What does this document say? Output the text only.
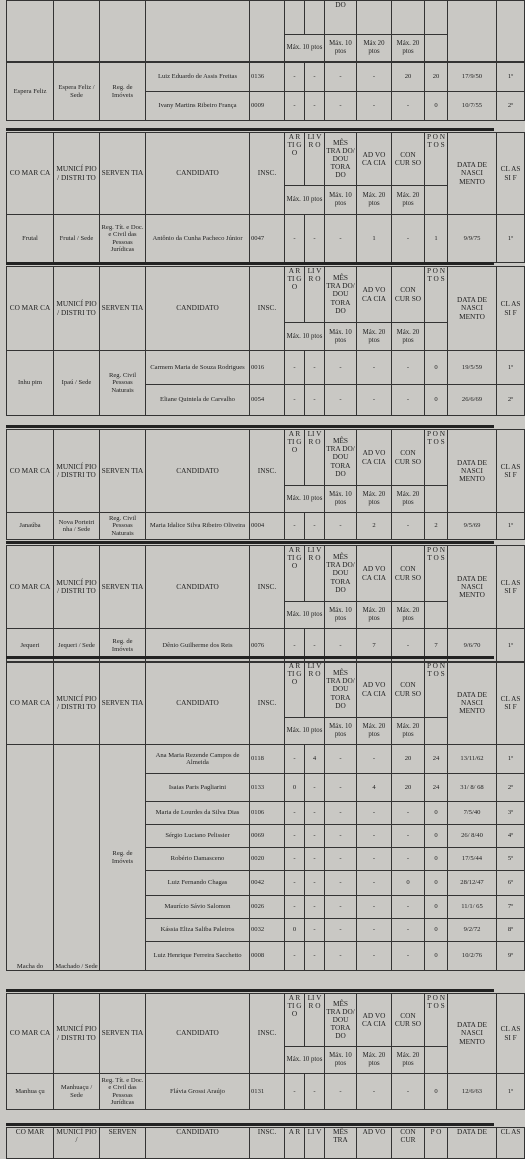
							DO					
					Máx. 10 ptos		Máx. 10 ptos	Máx 20 ptos	Máx. 20 ptos			
Espera Feliz	Espera Feliz / Sede	Reg. de Imóveis	Luiz Eduardo de Assis Freitas	0136	-	-	-	-	20	20	17/9/50	1º
			Ivany Martins Ribeiro França	0009	-	-	-	-	-	0	10/7/55	2º
CO MAR CA	MUNICÍ PIO / DISTRI TO	SERVEN TIA	CANDIDATO	INSC.	A R TI G O	LI V R O	MÊS TRA DO/ DOU TORA DO	AD VO CA CIA	CON CUR SO	P O N T O S	DATA DE NASCI MENTO	CL AS SI F
					Máx. 10 ptos		Máx. 10 ptos	Máx. 20 ptos	Máx. 20 ptos			
Frutal	Frutal / Sede	Reg. Tít. e Doc. e Civil das Pessoas Jurídicas	Antônio da Cunha Pacheco Júnior	0047	-	-	-	1	-	1	9/9/75	1º
CO MAR CA	MUNICÍ PIO / DISTRI TO	SERVEN TIA	CANDIDATO	INSC.	A R TI G O	LI V R O	MÊS TRA DO/ DOU TORA DO	AD VO CA CIA	CON CUR SO	P O N T O S	DATA DE NASCI MENTO	CL AS SI F
					Máx. 10 ptos		Máx. 10 ptos	Máx. 20 ptos	Máx. 20 ptos			
Inhu pim	Ipaú / Sede	Reg. Civil Pessoas Naturais	Carmem Maria de Souza Rodrigues	0016	-	-	-	-	-	0	19/5/59	1º
			Eliane Quintela de Carvalho	0054	-	-	-	-	-	0	26/6/69	2º
CO MAR CA	MUNICÍ PIO / DISTRI TO	SERVEN TIA	CANDIDATO	INSC.	A R TI G O	LI V R O	MÊS TRA DO/ DOU TORA DO	AD VO CA CIA	CON CUR SO	P O N T O S	DATA DE NASCI MENTO	CL AS SI F
					Máx. 10 ptos		Máx. 10 ptos	Máx. 20 ptos	Máx. 20 ptos			
Janaúba	Nova Porteiri nha / Sede	Reg. Civil Pessoas Naturais	Maria Idalice Silva Ribeiro Oliveira	0004	-	-	-	2	-	2	9/5/69	1º
CO MAR CA	MUNICÍ PIO / DISTRI TO	SERVEN TIA	CANDIDATO	INSC.	A R TI G O	LI V R O	MÊS TRA DO/ DOU TORA DO	AD VO CA CIA	CON CUR SO	P O N T O S	DATA DE NASCI MENTO	CL AS SI F
					Máx. 10 ptos		Máx. 10 ptos	Máx. 20 ptos	Máx. 20 ptos			
Jequeri	Jequeri / Sede	Reg. de Imóveis	Dênio Guilherme dos Reis	0076	-	-	-	7	-	7	9/6/70	1º
CO MAR CA	MUNICÍ PIO / DISTRI TO	SERVEN TIA	CANDIDATO	INSC.	A R TI G O	LI V R O	MÊS TRA DO/ DOU TORA DO	AD VO CA CIA	CON CUR SO	P O N T O S	DATA DE NASCI MENTO	CL AS SI F
					Máx. 10 ptos		Máx. 10 ptos	Máx. 20 ptos	Máx. 20 ptos			
Macha do	Machado / Sede	Reg. de Imóveis	Ana Maria Rezende Campos de Almeida	0118	-	4	-	-	20	24	13/11/62	1º
			Isaias Paris Pagliarini	0133	0	-	-	4	20	24	31/ 8/ 68	2º
			Maria de Lourdes da Silva Dias	0106	-	-	-	-	-	0	7/5/40	3º
			Sérgio Luciano Pelissier	0069	-	-	-	-	-	0	26/ 8/40	4º
			Robério Damasceno	0020	-	-	-	-	-	0	17/5/44	5º
			Luiz Fernando Chagas	0042	-	-	-	-	0	0	28/12/47	6º
			Maurício Sávio Salomon	0026	-	-	-	-	-	0	11/1/ 65	7º
			Kássia Eliza Saliba Paleiros	0032	0	-	-	-	-	0	9/2/72	8º
			Luiz Henrique Ferreira Sacchetto	0008	-	-	-	-	-	0	10/2/76	9º
CO MAR CA	MUNICÍ PIO / DISTRI TO	SERVEN TIA	CANDIDATO	INSC.	A R TI G O	LI V R O	MÊS TRA DO/ DOU TORA DO	AD VO CA CIA	CON CUR SO	P O N T O S	DATA DE NASCI MENTO	CL AS SI F
					Máx. 10 ptos		Máx. 10 ptos	Máx. 20 ptos	Máx. 20 ptos			
Manhua çu	Manhuaçu / Sede	Reg. Tít. e Doc. e Civil das Pessoas Jurídicas	Flávia Grossi Araújo	0131	-	-	-	-	-	0	12/6/63	1º
CO MAR	MUNICÍ PIO /	SERVEN	CANDIDATO	INSC.	A R	LI V	MÊS TRA	AD VO	CON CUR	P O	DATA DE	CL AS
